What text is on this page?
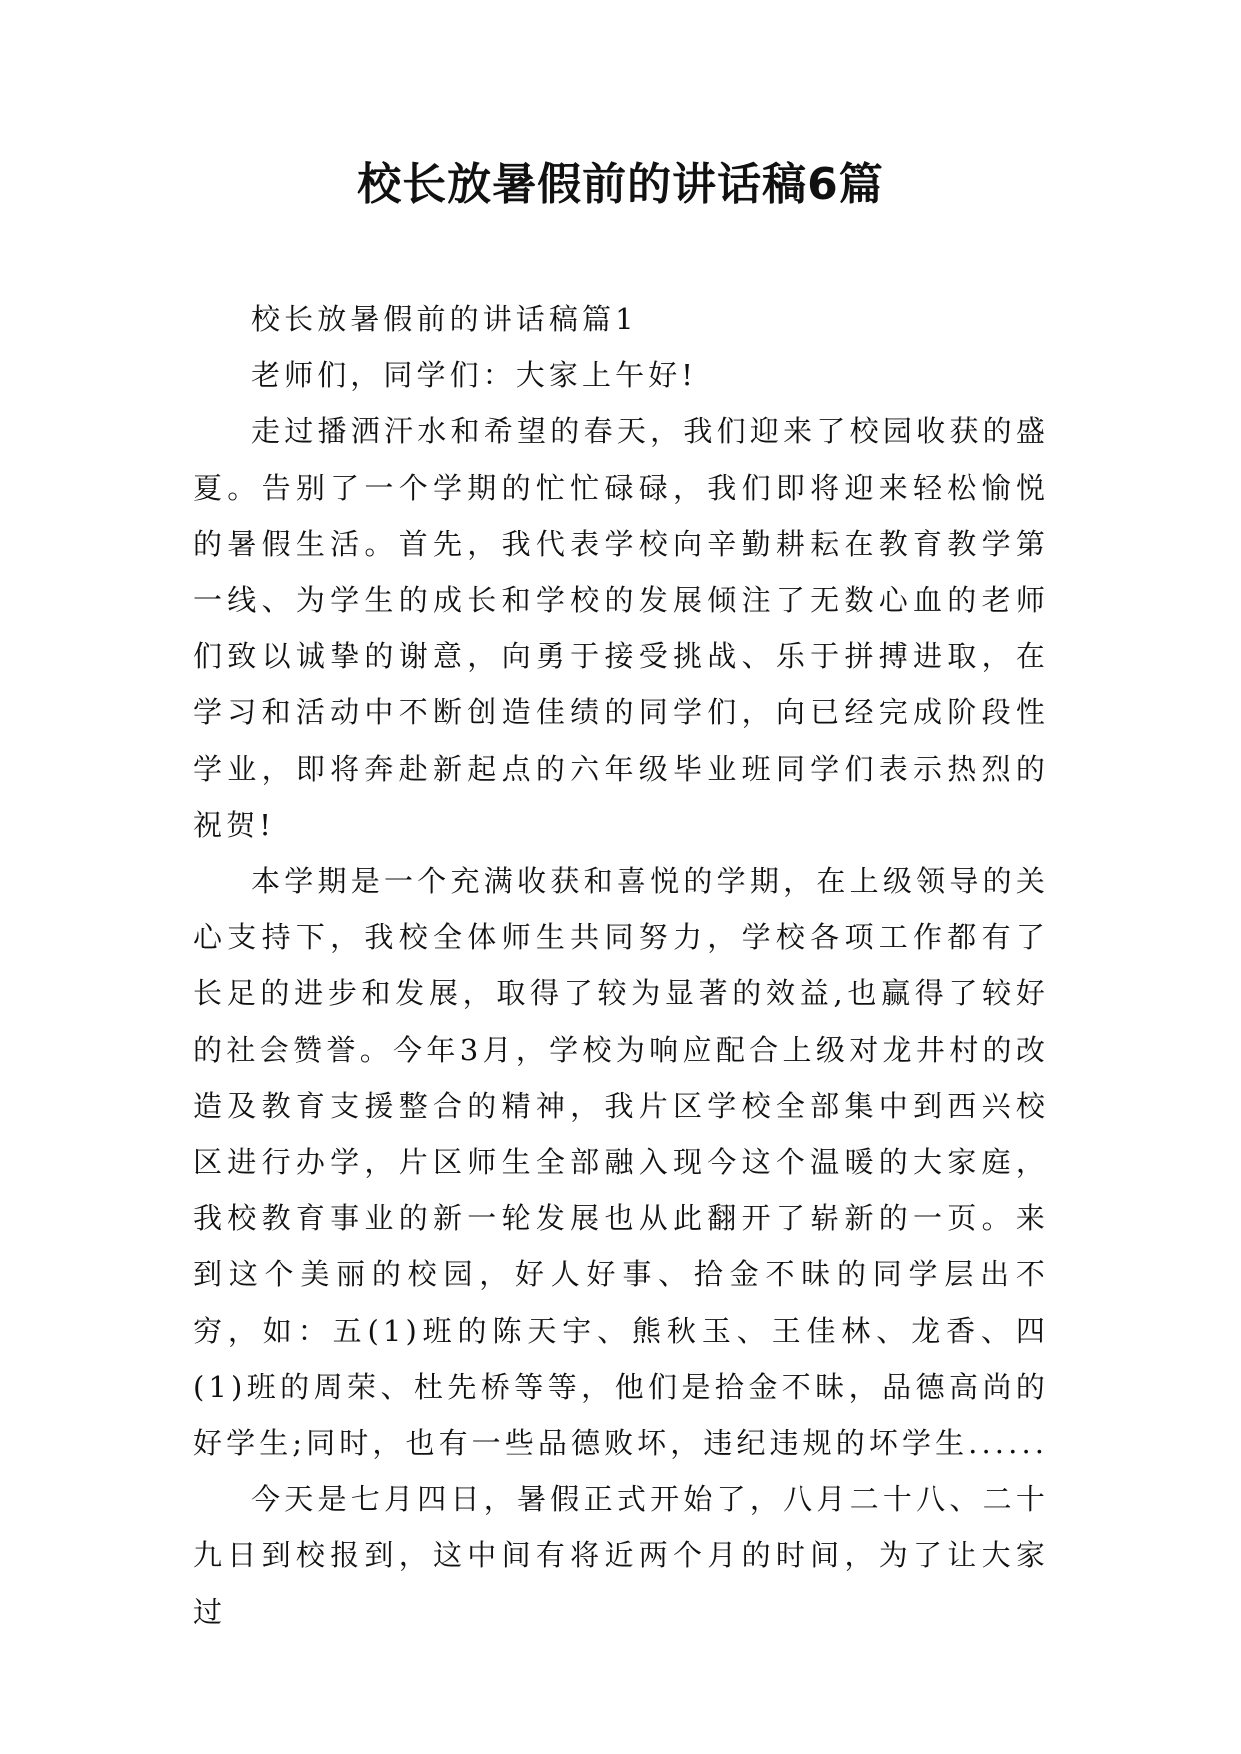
校长放暑假前的讲话稿6篇

校长放暑假前的讲话稿篇1

老师们，同学们：大家上午好!

走过播洒汗水和希望的春天，我们迎来了校园收获的盛夏。告别了一个学期的忙忙碌碌，我们即将迎来轻松愉悦的暑假生活。首先，我代表学校向辛勤耕耘在教育教学第一线、为学生的成长和学校的发展倾注了无数心血的老师们致以诚挚的谢意，向勇于接受挑战、乐于拼搏进取，在学习和活动中不断创造佳绩的同学们，向已经完成阶段性学业，即将奔赴新起点的六年级毕业班同学们表示热烈的祝贺!

本学期是一个充满收获和喜悦的学期，在上级领导的关心支持下，我校全体师生共同努力，学校各项工作都有了长足的进步和发展，取得了较为显著的效益,也赢得了较好的社会赞誉。今年3月，学校为响应配合上级对龙井村的改造及教育支援整合的精神，我片区学校全部集中到西兴校区进行办学，片区师生全部融入现今这个温暖的大家庭，我校教育事业的新一轮发展也从此翻开了崭新的一页。来到这个美丽的校园，好人好事、拾金不昧的同学层出不穷，如：五(1)班的陈天宇、熊秋玉、王佳林、龙香、四(1)班的周荣、杜先桥等等，他们是拾金不昧，品德高尚的好学生;同时，也有一些品德败坏，违纪违规的坏学生......

今天是七月四日，暑假正式开始了，八月二十八、二十九日到校报到，这中间有将近两个月的时间，为了让大家过
